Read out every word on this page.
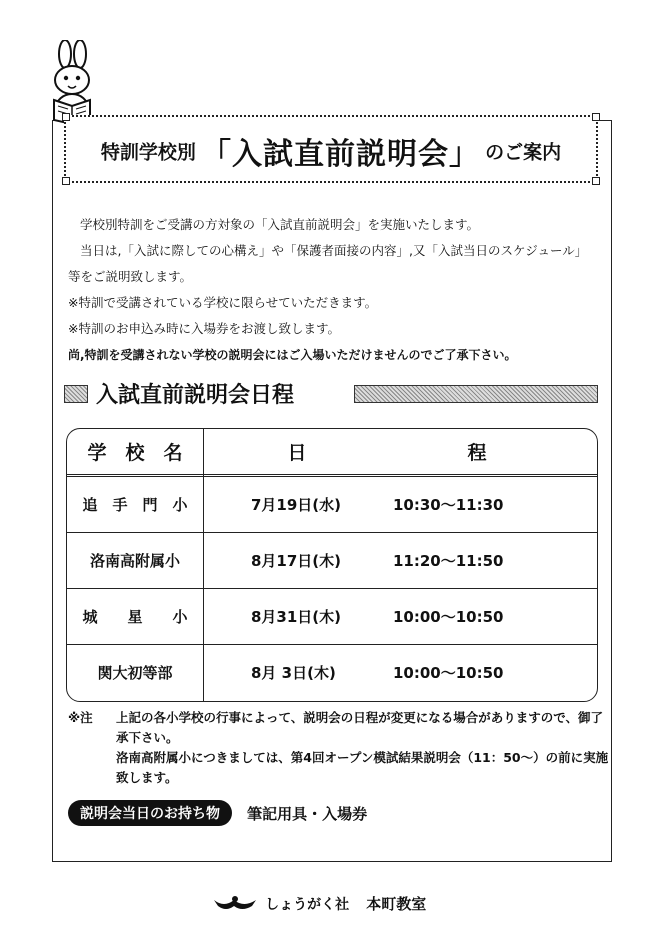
特訓学校別 「入試直前説明会」 のご案内

学校別特訓をご受講の方対象の「入試直前説明会」を実施いたします。

当日は,「入試に際しての心構え」や「保護者面接の内容」,又「入試当日のスケジュール」等をご説明致します。

※特訓で受講されている学校に限らせていただきます。

※特訓のお申込み時に入場券をお渡し致します。

尚,特訓を受講されない学校の説明会にはご入場いただけませんのでご了承下さい。

入試直前説明会日程
学　校　名	日	程
追　手　門　小	7月19日(水)	10:30〜11:30
洛南高附属小	8月17日(木)	11:20〜11:50
城　　星　　小	8月31日(木)	10:00〜10:50
関大初等部	8月 3日(木)	10:00〜10:50
※注 上記の各小学校の行事によって、説明会の日程が変更になる場合がありますので、御了承下さい。
洛南高附属小につきましては、第4回オープン模試結果説明会（11：50〜）の前に実施致します。
説明会当日のお持ち物 筆記用具・入場券
しょうがく社 本町教室
